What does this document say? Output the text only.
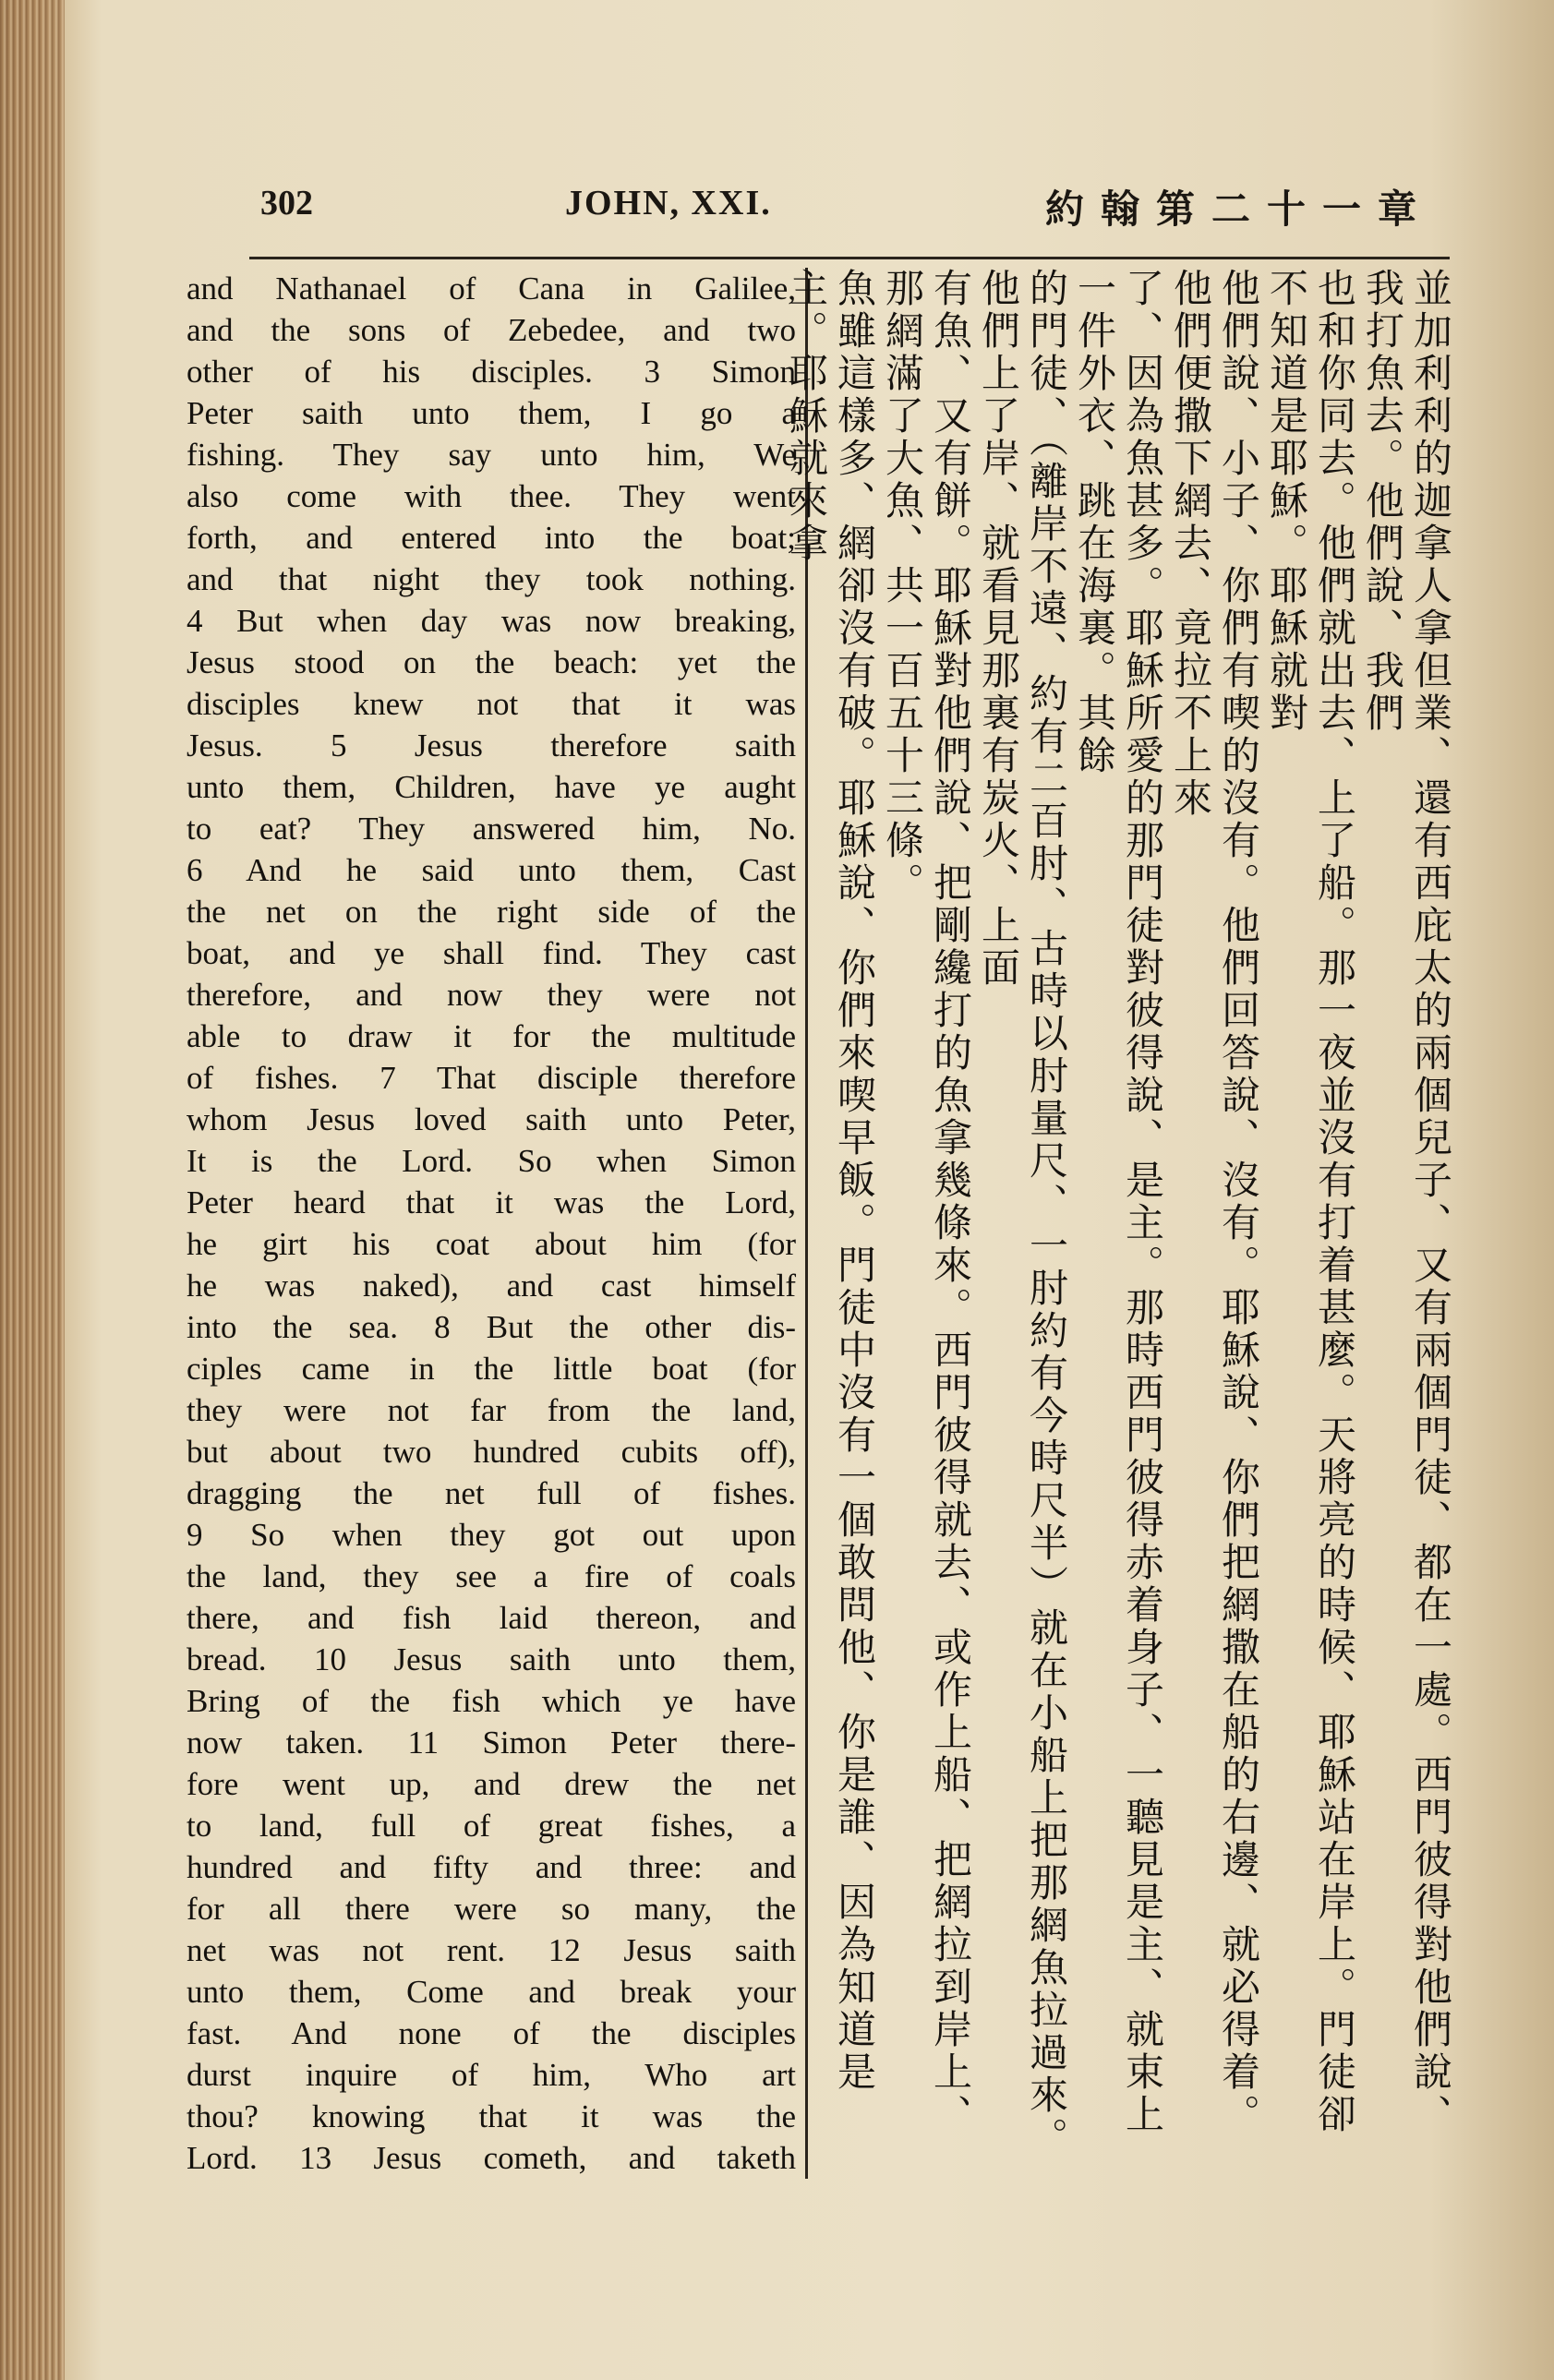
302	JOHN, XXI.	約翰第二十一章
and Nathanael of Cana in Galilee,
and the sons of Zebedee, and two
other of his disciples. 3 Simon
Peter saith unto them, I go a
fishing. They say unto him, We
also come with thee. They went
forth, and entered into the boat;
and that night they took nothing.
4 But when day was now breaking,
Jesus stood on the beach: yet the
disciples knew not that it was
Jesus. 5 Jesus therefore saith
unto them, Children, have ye aught
to eat? They answered him, No.
6 And he said unto them, Cast
the net on the right side of the
boat, and ye shall find. They cast
therefore, and now they were not
able to draw it for the multitude
of fishes. 7 That disciple therefore
whom Jesus loved saith unto Peter,
It is the Lord. So when Simon
Peter heard that it was the Lord,
he girt his coat about him (for
he was naked), and cast himself
into the sea. 8 But the other dis-
ciples came in the little boat (for
they were not far from the land,
but about two hundred cubits off),
dragging the net full of fishes.
9 So when they got out upon
the land, they see a fire of coals
there, and fish laid thereon, and
bread. 10 Jesus saith unto them,
Bring of the fish which ye have
now taken. 11 Simon Peter there-
fore went up, and drew the net
to land, full of great fishes, a
hundred and fifty and three: and
for all there were so many, the
net was not rent. 12 Jesus saith
unto them, Come and break your
fast. And none of the disciples
durst inquire of him, Who art
thou? knowing that it was the
Lord. 13 Jesus cometh, and taketh
並加利利的迦拿人拿但業、還有西庇太的兩個兒子、又有兩個門徒、都在一處。西門彼得對他們說、我打魚去。他們說、我們
也和你同去。他們就出去、上了船。那一夜並沒有打着甚麼。天將亮的時候、耶穌站在岸上。門徒卻不知道是耶穌。耶穌就對
他們說、小子、你們有喫的沒有。他們回答說、沒有。耶穌說、你們把網撒在船的右邊、就必得着。他們便撒下網去、竟拉不上來
了、因為魚甚多。耶穌所愛的那門徒對彼得說、是主。那時西門彼得赤着身子、一聽見是主、就束上一件外衣、跳在海裏。其餘
的門徒、（離岸不遠、約有二百肘、古時以肘量尺、一肘約有今時尺半）就在小船上把那網魚拉過來。他們上了岸、就看見那裏有炭火、上面
有魚、又有餅。耶穌對他們說、把剛纔打的魚拿幾條來。西門彼得就去、或作上船、把網拉到岸上、那網滿了大魚、共一百五十三條。
魚雖這樣多、網卻沒有破。耶穌說、你們來喫早飯。門徒中沒有一個敢問他、你是誰、因為知道是主。耶穌就來拿
